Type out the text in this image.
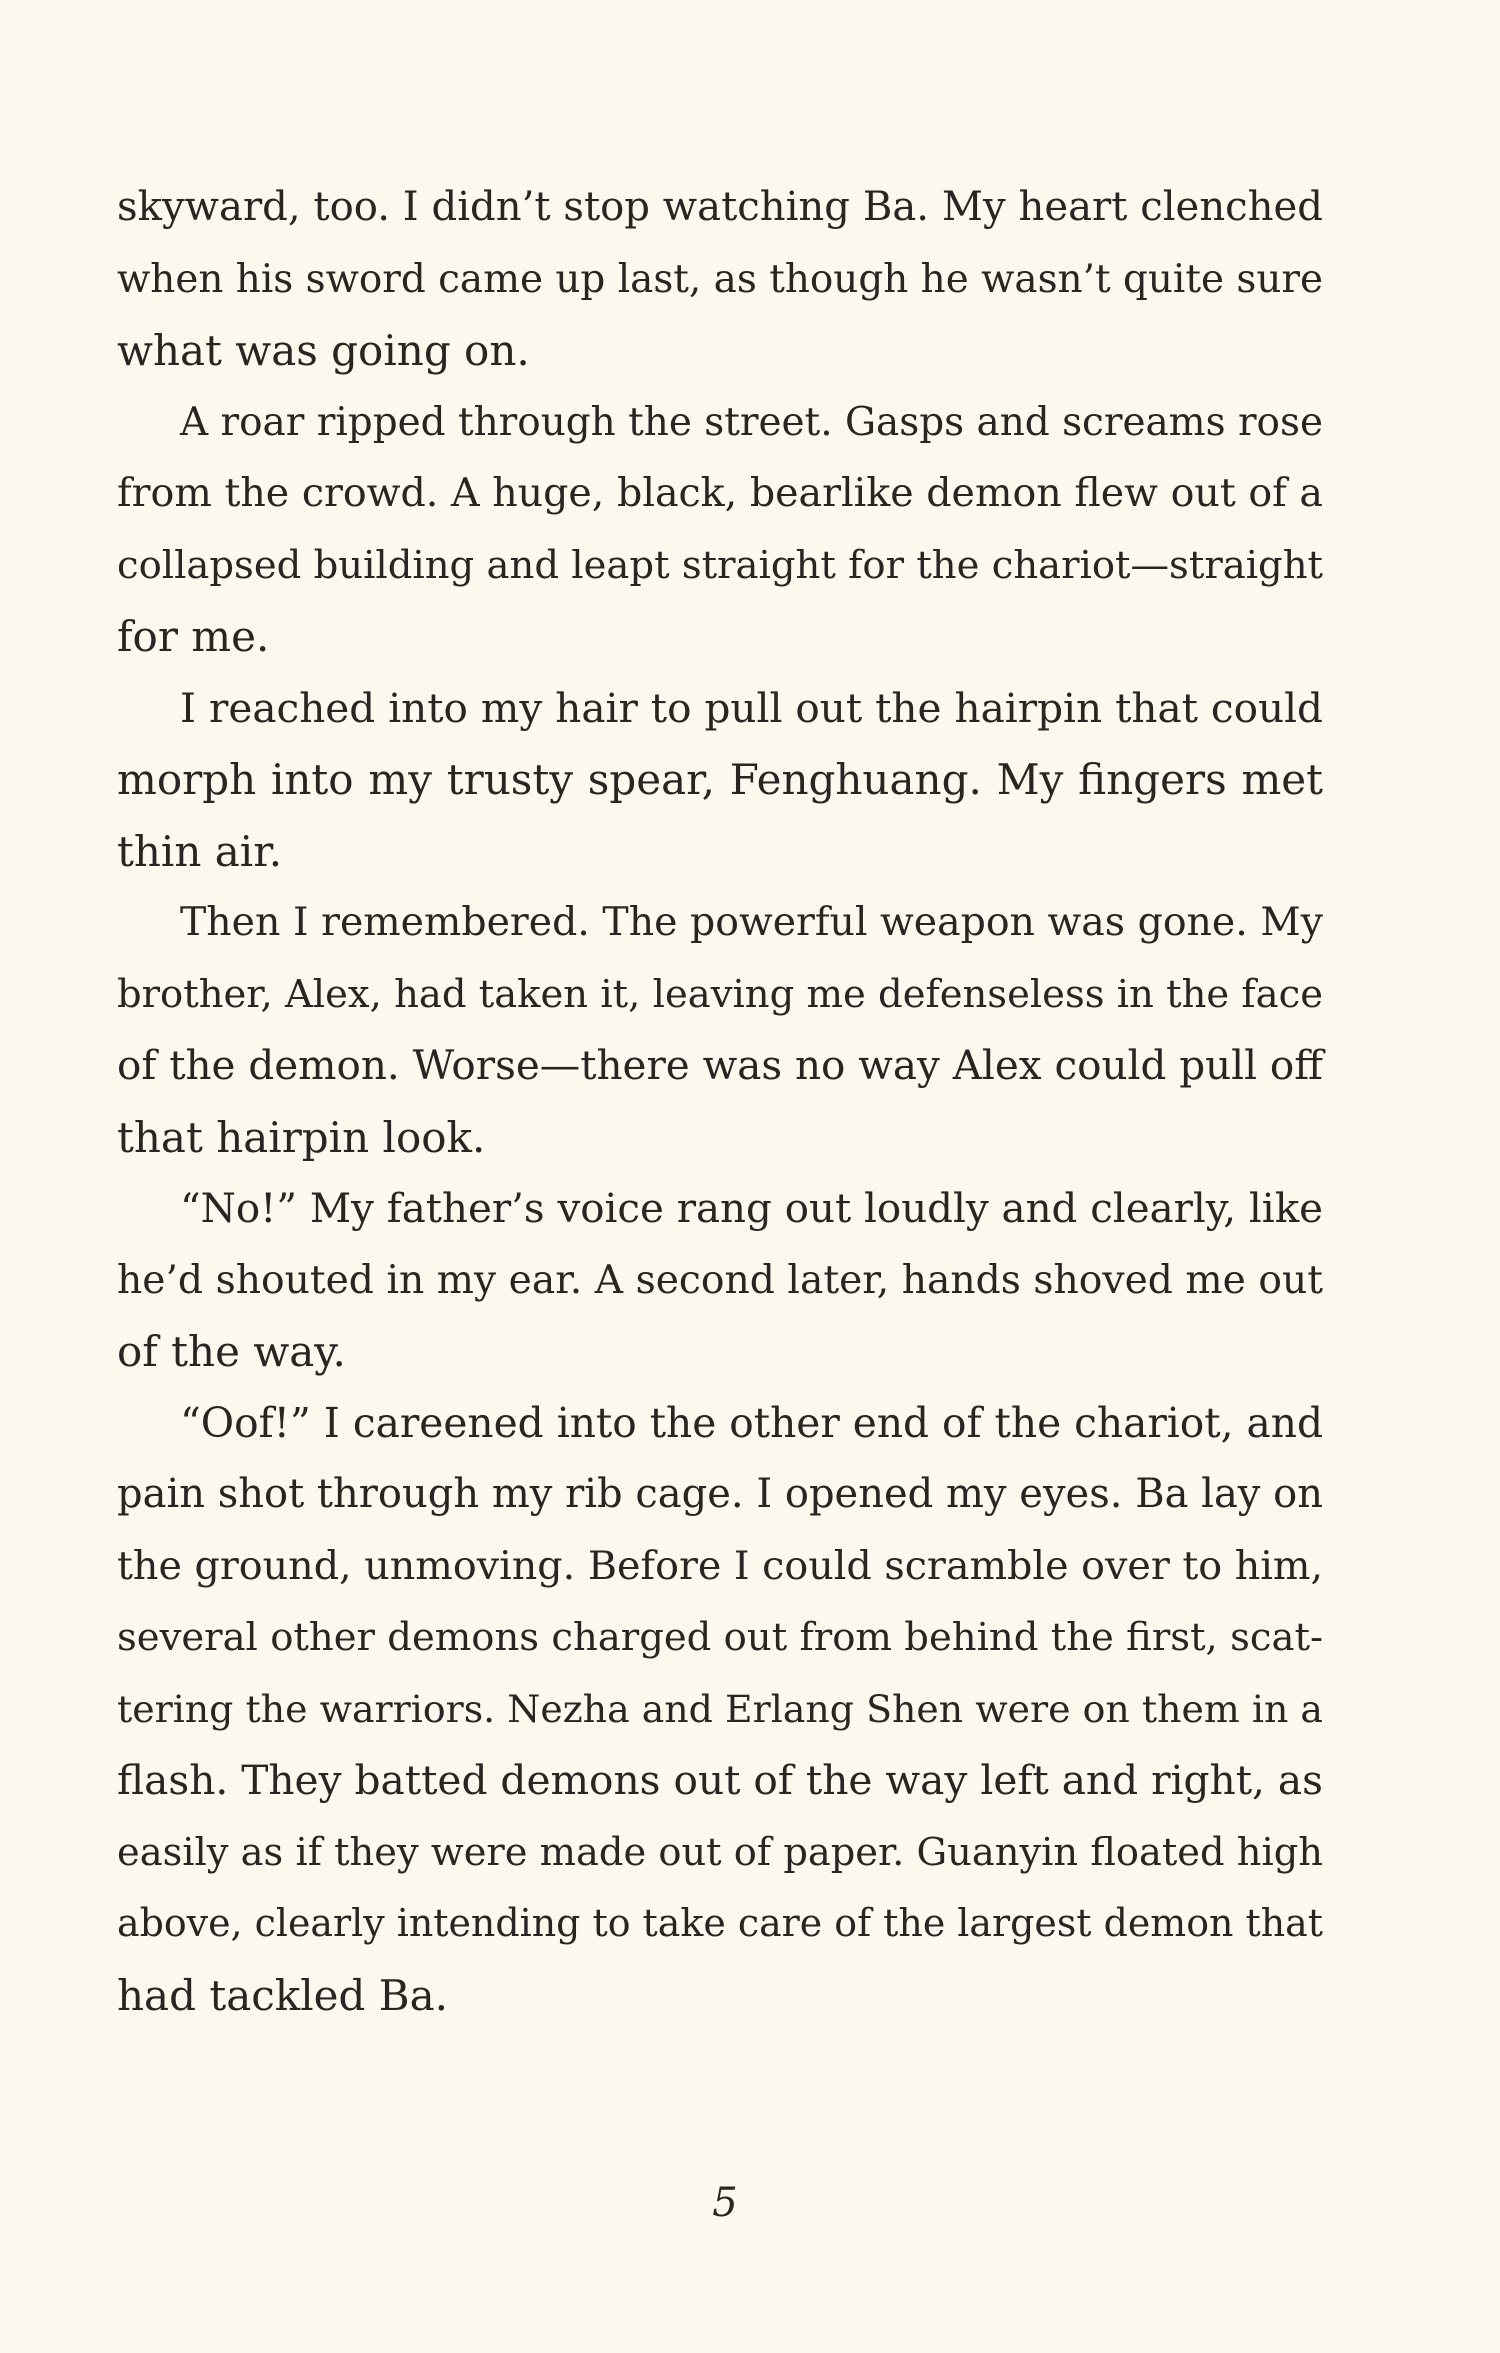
skyward, too. I didn’t stop watching Ba. My heart clenched
when his sword came up last, as though he wasn’t quite sure
what was going on.
A roar ripped through the street. Gasps and screams rose
from the crowd. A huge, black, bearlike demon flew out of a
collapsed building and leapt straight for the chariot—straight
for me.
I reached into my hair to pull out the hairpin that could
morph into my trusty spear, Fenghuang. My fingers met
thin air.
Then I remembered. The powerful weapon was gone. My
brother, Alex, had taken it, leaving me defenseless in the face
of the demon. Worse—there was no way Alex could pull off
that hairpin look.
“No!” My father’s voice rang out loudly and clearly, like
he’d shouted in my ear. A second later, hands shoved me out
of the way.
“Oof!” I careened into the other end of the chariot, and
pain shot through my rib cage. I opened my eyes. Ba lay on
the ground, unmoving. Before I could scramble over to him,
several other demons charged out from behind the first, scat-
tering the warriors. Nezha and Erlang Shen were on them in a
flash. They batted demons out of the way left and right, as
easily as if they were made out of paper. Guanyin floated high
above, clearly intending to take care of the largest demon that
had tackled Ba.
5
